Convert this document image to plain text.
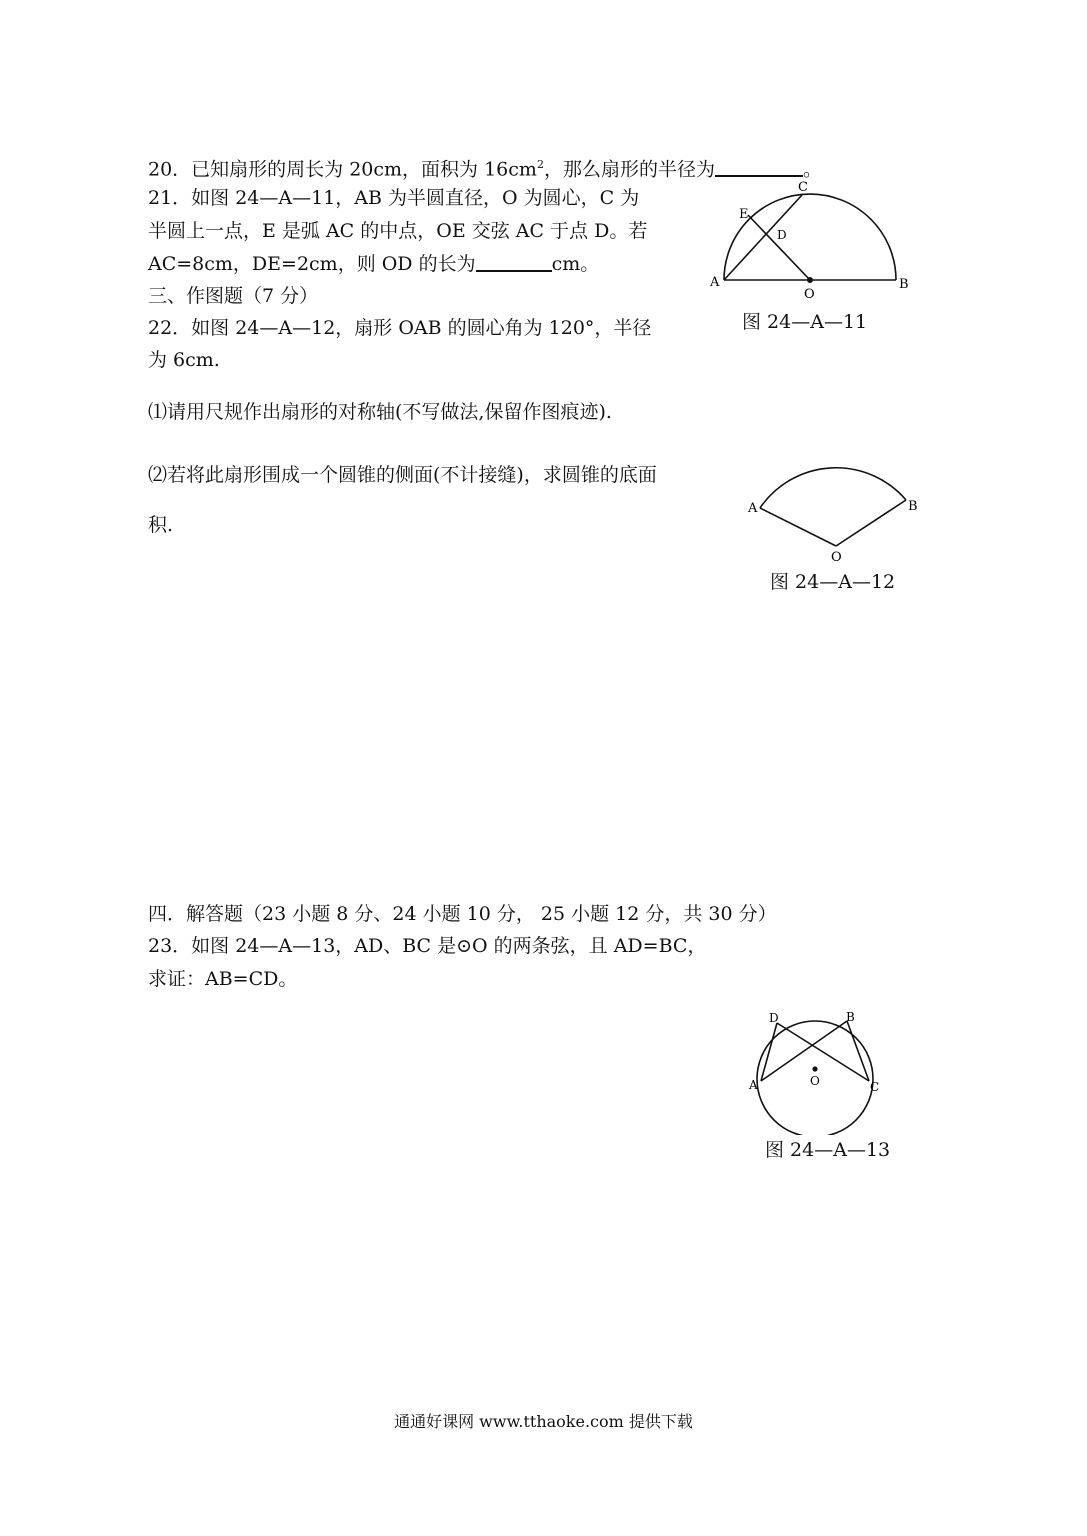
20．已知扇形的周长为 20cm，面积为 $16cm^2$，那么扇形的半径为	。
21．如图 24—A—11，AB 为半圆直径，O 为圆心，C 为
半圆上一点，E 是弧 AC 的中点，OE 交弦 AC 于点 D。若
AC=8cm，DE=2cm，则 OD 的长为	cm。
三、作图题（7 分）
22．如图 24—A—12，扇形 OAB 的圆心角为 120°，半径
为 6cm.
⑴请用尺规作出扇形的对称轴(不写做法,保留作图痕迹).
⑵若将此扇形围成一个圆锥的侧面(不计接缝)，求圆锥的底面
积.
四．解答题（23 小题 8 分、24 小题 10 分， 25 小题 12 分，共 30 分）
23．如图 24—A—13，AD、BC 是⊙O 的两条弦，且 AD=BC，
求证：AB=CD。
A	B
C
D
E
O
图 24—A—11
A	B
O
图 24—A—12
A
B
C
D
O
图 24—A—13
通通好课网 www.tthaoke.com 提供下载
